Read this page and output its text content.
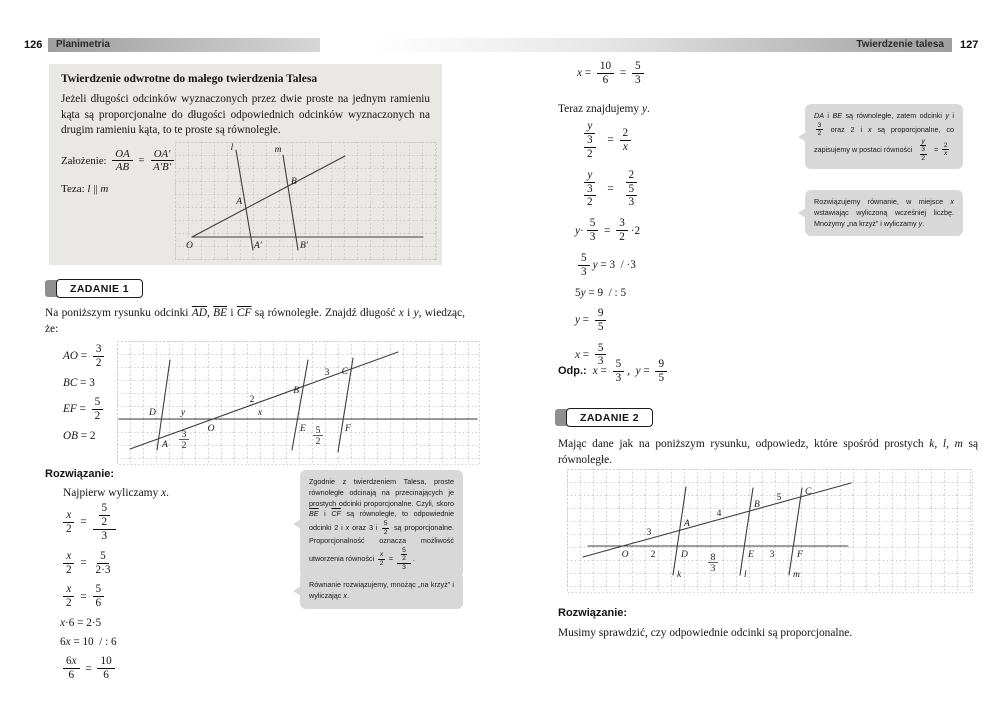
126	Planimetria
Twierdzenie odwrotne do małego twierdzenia Talesa
Jeżeli długości odcinków wyznaczonych przez dwie proste na jednym ramieniu kąta są proporcjonalne do długości odpowiednich odcinków wyznaczonych na drugim ramieniu kąta, to te proste są równoległe.
Założenie: $\frac{OA}{AB} = \frac{OA'}{A'B'}$
Teza: l || m
l	m
A
B
O	A′	B′
ZADANIE 1
Na poniższym rysunku odcinki $\overline{AD}$, $\overline{BE}$ i $\overline{CF}$ są równoległe. Znajdź długość x i y, wiedząc, że:
AO = $\frac{3}{2}$
BC = 3
EF = $\frac{5}{2}$
OB = 2
D	y	x
O
A
3
2
2
B
3 C
E 5
2
F
Rozwiązanie:
Najpierw wyliczamy x.
$\frac{x}{2} = \frac{\frac{5}{2}}{3}$
$\frac{x}{2} = \frac{5}{2\cdot 3}$
$\frac{x}{2} = \frac{5}{6}$
x ·6 = 2·5
6 x = 10  / : 6
$\frac{6x}{6} = \frac{10}{6}$
Zgodnie z twierdzeniem Talesa, proste równoległe odcinają na przecinających je prostych odcinki proporcjonalne. Czyli, skoro $\overline{BE}$ i $\overline{CF}$ są równoległe, to odpowiednie odcinki 2 i x oraz 3 i $\frac{5}{2}$ są proporcjonalne. Proporcjonalność oznacza możliwość utworzenia równości $\frac{x}{2} = \frac{\frac{5}{2}}{3}$ .
Równanie rozwiązujemy, mnożąc „na krzyż” i wyliczając x.
127
Twierdzenie talesa
$x = \frac{10}{6} = \frac{5}{3}$
Teraz znajdujemy y.
$\frac{y}{\frac{3}{2}} = \frac{2}{x}$
$\frac{y}{\frac{3}{2}} = \frac{2}{\frac{5}{3}}$
$y \cdot \frac{5}{3} = \frac{3}{2} \cdot 2$
$\frac{5}{3}$ y = 3  / ·3
5 y = 9  / : 5
$y = \frac{9}{5}$
$x = \frac{5}{3}$
Odp.: $x = \frac{5}{3}$ ,  $y = \frac{9}{5}$
DA i BE są równoległe, zatem odcinki y i
$\frac{3}{2}$ oraz 2 i x są proporcjonalne, co zapisujemy w postaci równości $\frac{y}{\frac{3}{2}} = \frac{2}{x}$
Rozwiązujemy równanie, w miejsce x wstawiając wyliczoną wcześniej liczbę. Mnożymy „na krzyż” i wyliczamy y.
ZADANIE 2
Mając dane jak na poniższym rysunku, odpowiedz, które spośród prostych k, l, m są równoległe.
O 2
3
A
D
k
4
B
E
8
3
l
5
C
F
3
m
Rozwiązanie:
Musimy sprawdzić, czy odpowiednie odcinki są proporcjonalne.
